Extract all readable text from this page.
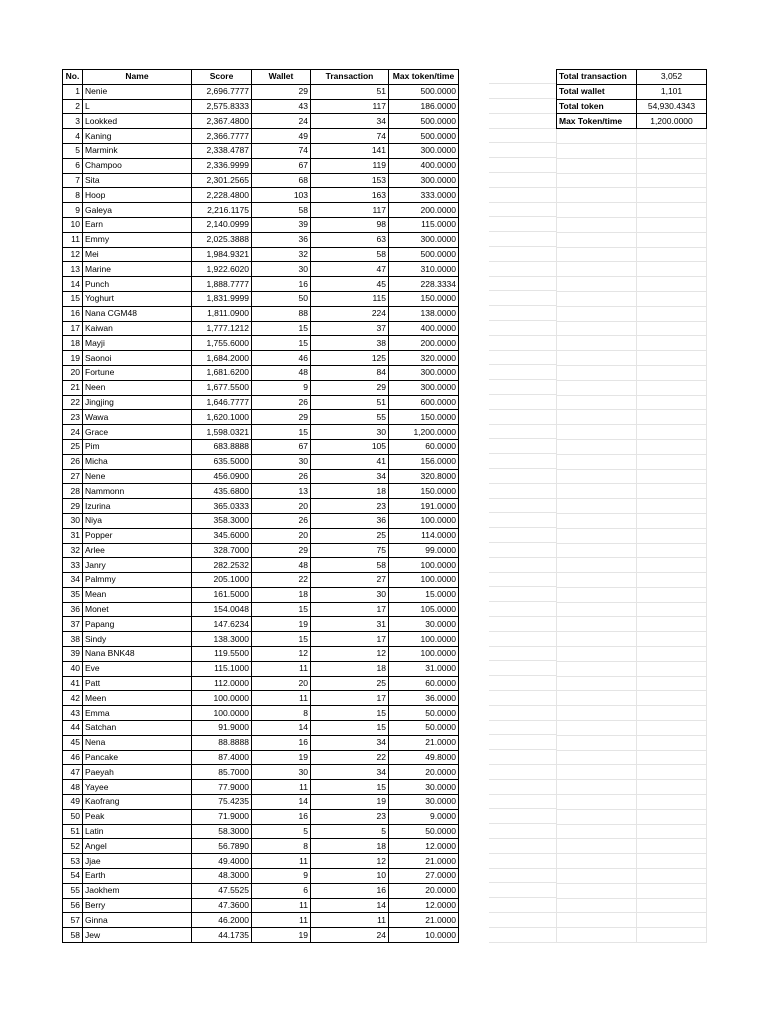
No.	Name	Score	Wallet	Transaction	Max token/time
1	Nenie	2,696.7777	29	51	500.0000
2	L	2,575.8333	43	117	186.0000
3	Lookked	2,367.4800	24	34	500.0000
4	Kaning	2,366.7777	49	74	500.0000
5	Marmink	2,338.4787	74	141	300.0000
6	Champoo	2,336.9999	67	119	400.0000
7	Sita	2,301.2565	68	153	300.0000
8	Hoop	2,228.4800	103	163	333.0000
9	Galeya	2,216.1175	58	117	200.0000
10	Earn	2,140.0999	39	98	115.0000
11	Emmy	2,025.3888	36	63	300.0000
12	Mei	1,984.9321	32	58	500.0000
13	Marine	1,922.6020	30	47	310.0000
14	Punch	1,888.7777	16	45	228.3334
15	Yoghurt	1,831.9999	50	115	150.0000
16	Nana CGM48	1,811.0900	88	224	138.0000
17	Kaiwan	1,777.1212	15	37	400.0000
18	Mayji	1,755.6000	15	38	200.0000
19	Saonoi	1,684.2000	46	125	320.0000
20	Fortune	1,681.6200	48	84	300.0000
21	Neen	1,677.5500	9	29	300.0000
22	Jingjing	1,646.7777	26	51	600.0000
23	Wawa	1,620.1000	29	55	150.0000
24	Grace	1,598.0321	15	30	1,200.0000
25	Pim	683.8888	67	105	60.0000
26	Micha	635.5000	30	41	156.0000
27	Nene	456.0900	26	34	320.8000
28	Nammonn	435.6800	13	18	150.0000
29	Izurina	365.0333	20	23	191.0000
30	Niya	358.3000	26	36	100.0000
31	Popper	345.6000	20	25	114.0000
32	Arlee	328.7000	29	75	99.0000
33	Janry	282.2532	48	58	100.0000
34	Palmmy	205.1000	22	27	100.0000
35	Mean	161.5000	18	30	15.0000
36	Monet	154.0048	15	17	105.0000
37	Papang	147.6234	19	31	30.0000
38	Sindy	138.3000	15	17	100.0000
39	Nana BNK48	119.5500	12	12	100.0000
40	Eve	115.1000	11	18	31.0000
41	Patt	112.0000	20	25	60.0000
42	Meen	100.0000	11	17	36.0000
43	Emma	100.0000	8	15	50.0000
44	Satchan	91.9000	14	15	50.0000
45	Nena	88.8888	16	34	21.0000
46	Pancake	87.4000	19	22	49.8000
47	Paeyah	85.7000	30	34	20.0000
48	Yayee	77.9000	11	15	30.0000
49	Kaofrang	75.4235	14	19	30.0000
50	Peak	71.9000	16	23	9.0000
51	Latin	58.3000	5	5	50.0000
52	Angel	56.7890	8	18	12.0000
53	Jjae	49.4000	11	12	21.0000
54	Earth	48.3000	9	10	27.0000
55	Jaokhem	47.5525	6	16	20.0000
56	Berry	47.3600	11	14	12.0000
57	Ginna	46.2000	11	11	21.0000
58	Jew	44.1735	19	24	10.0000

Total transaction	3,052
Total wallet	1,101
Total token	54,930.4343
Max Token/time	1,200.0000
